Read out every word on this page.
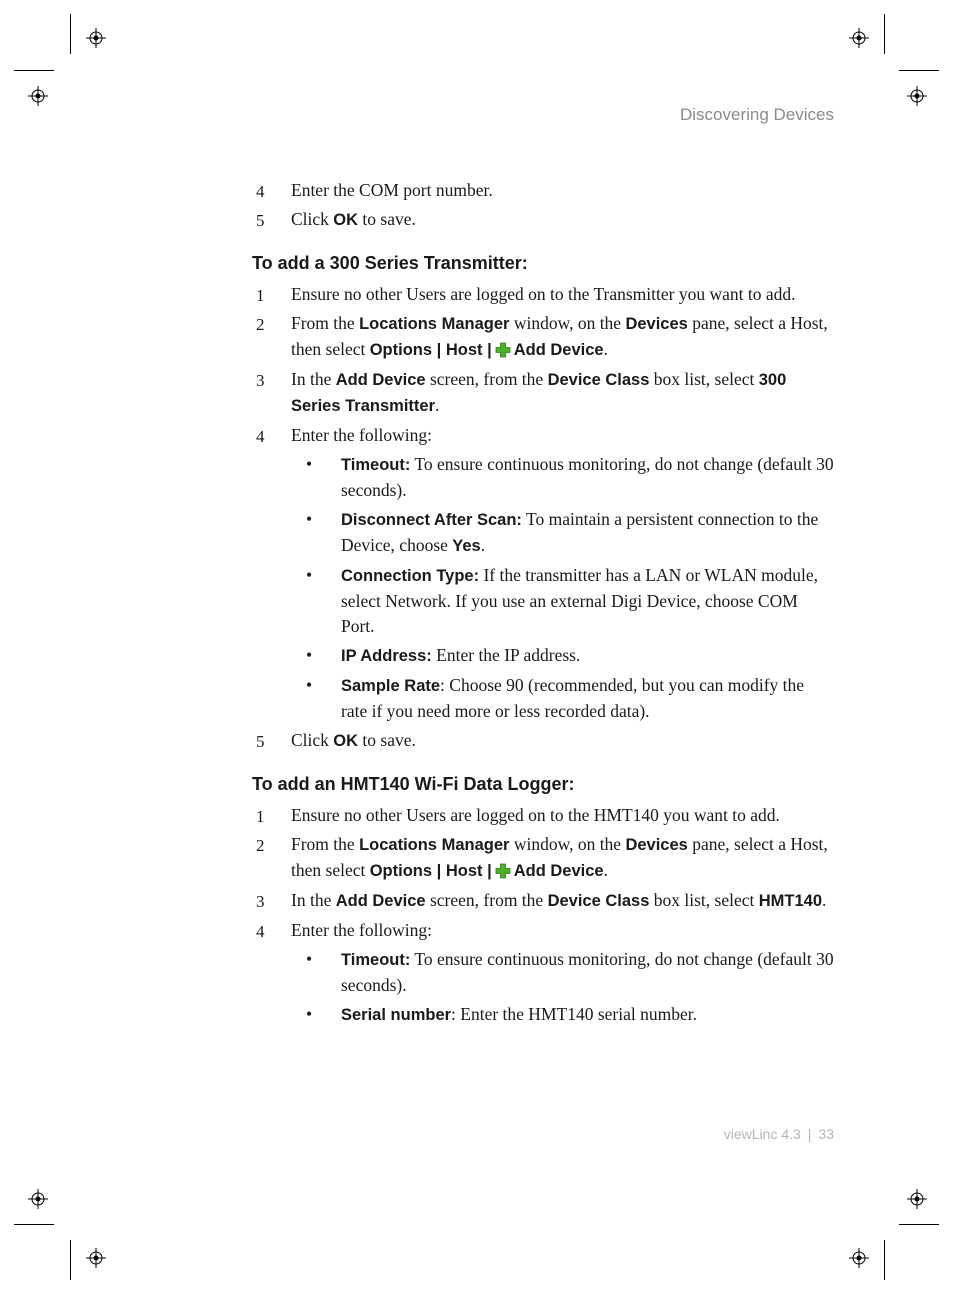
Discovering Devices
4 Enter the COM port number.
5 Click OK to save.
To add a 300 Series Transmitter:
1 Ensure no other Users are logged on to the Transmitter you want to add.
2 From the Locations Manager window, on the Devices pane, select a Host, then select Options | Host | Add Device.
3 In the Add Device screen, from the Device Class box list, select 300 Series Transmitter.
4 Enter the following:
• Timeout: To ensure continuous monitoring, do not change (default 30 seconds).
• Disconnect After Scan: To maintain a persistent connection to the Device, choose Yes.
• Connection Type: If the transmitter has a LAN or WLAN module, select Network. If you use an external Digi Device, choose COM Port.
• IP Address: Enter the IP address.
• Sample Rate: Choose 90 (recommended, but you can modify the rate if you need more or less recorded data).
5 Click OK to save.
To add an HMT140 Wi-Fi Data Logger:
1 Ensure no other Users are logged on to the HMT140 you want to add.
2 From the Locations Manager window, on the Devices pane, select a Host, then select Options | Host | Add Device.
3 In the Add Device screen, from the Device Class box list, select HMT140.
4 Enter the following:
• Timeout: To ensure continuous monitoring, do not change (default 30 seconds).
• Serial number: Enter the HMT140 serial number.
viewLinc 4.3 | 33
